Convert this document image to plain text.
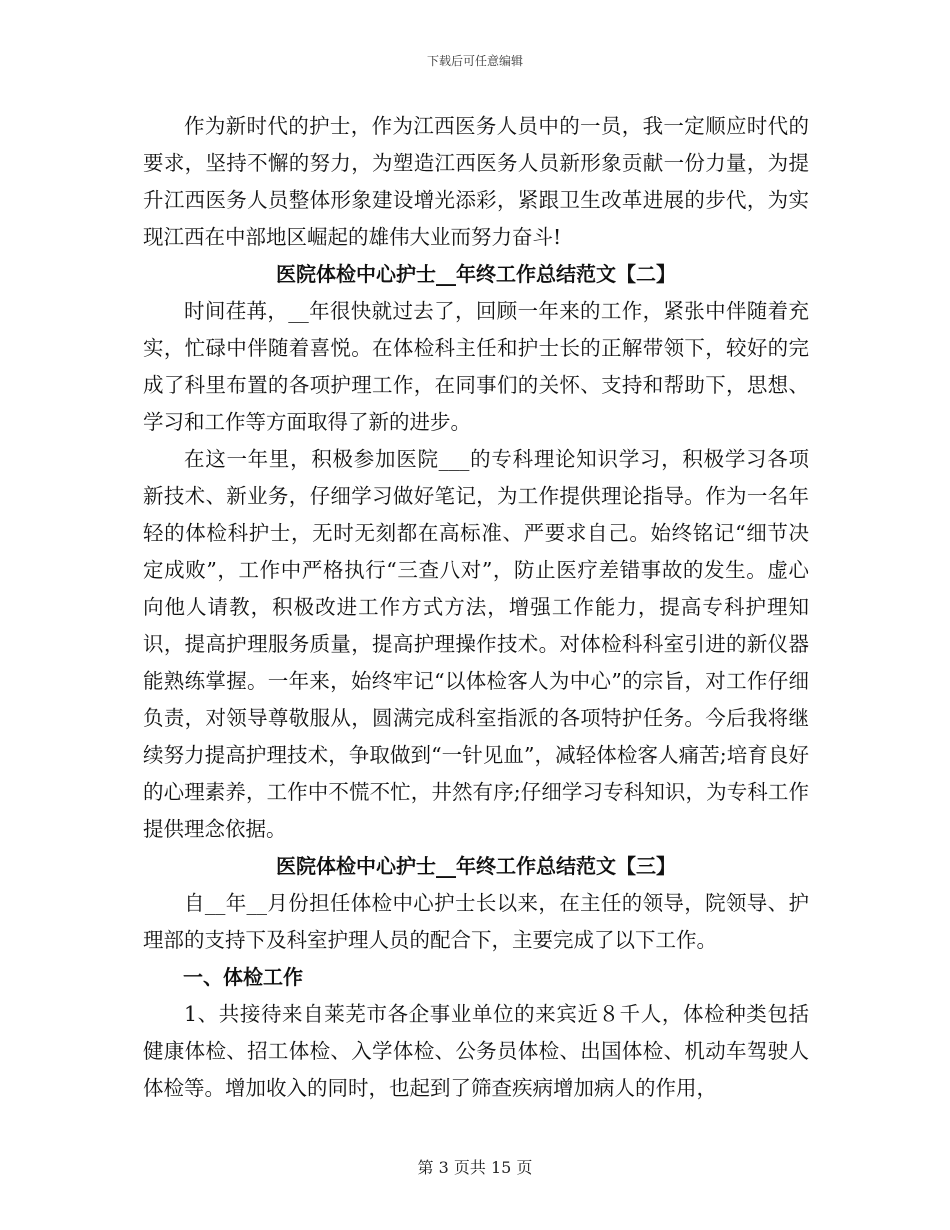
下载后可任意编辑

作为新时代的护士，作为江西医务人员中的一员，我一定顺应时代的要求，坚持不懈的努力，为塑造江西医务人员新形象贡献一份力量，为提升江西医务人员整体形象建设增光添彩，紧跟卫生改革进展的步代，为实现江西在中部地区崛起的雄伟大业而努力奋斗!

医院体检中心护士__年终工作总结范文【二】

时间荏苒，__年很快就过去了，回顾一年来的工作，紧张中伴随着充实，忙碌中伴随着喜悦。在体检科主任和护士长的正解带领下，较好的完成了科里布置的各项护理工作，在同事们的关怀、支持和帮助下，思想、学习和工作等方面取得了新的进步。

在这一年里，积极参加医院___的专科理论知识学习，积极学习各项新技术、新业务，仔细学习做好笔记，为工作提供理论指导。作为一名年轻的体检科护士，无时无刻都在高标准、严要求自己。始终铭记“细节决定成败”，工作中严格执行“三查八对”，防止医疗差错事故的发生。虚心向他人请教，积极改进工作方式方法，增强工作能力，提高专科护理知识，提高护理服务质量，提高护理操作技术。对体检科科室引进的新仪器能熟练掌握。一年来，始终牢记“以体检客人为中心”的宗旨，对工作仔细负责，对领导尊敬服从，圆满完成科室指派的各项特护任务。今后我将继续努力提高护理技术，争取做到“一针见血”，减轻体检客人痛苦;培育良好的心理素养，工作中不慌不忙，井然有序;仔细学习专科知识，为专科工作提供理念依据。

医院体检中心护士__年终工作总结范文【三】

自__年__月份担任体检中心护士长以来，在主任的领导，院领导、护理部的支持下及科室护理人员的配合下，主要完成了以下工作。

一、体检工作

1、共接待来自莱芜市各企事业单位的来宾近８千人，体检种类包括健康体检、招工体检、入学体检、公务员体检、出国体检、机动车驾驶人体检等。增加收入的同时，也起到了筛查疾病增加病人的作用，

第 3 页共 15 页
